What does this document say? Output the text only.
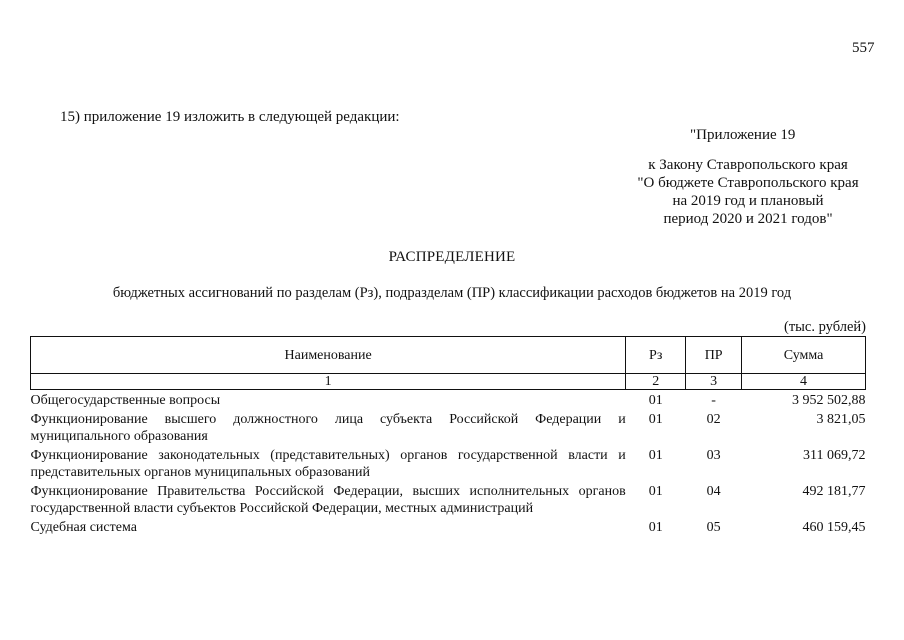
557
15) приложение 19 изложить в следующей редакции:
"Приложение 19
к Закону Ставропольского края
"О бюджете Ставропольского края
на 2019 год и плановый
период 2020 и 2021 годов"
РАСПРЕДЕЛЕНИЕ
бюджетных ассигнований по разделам (Рз), подразделам (ПР) классификации расходов бюджетов на 2019 год
(тыс. рублей)
Наименование	Рз	ПР	Сумма
1	2	3	4
Общегосударственные вопросы	01	-	3 952 502,88
Функционирование высшего должностного лица субъекта Российской Федерации и муниципального образования	01	02	3 821,05
Функционирование законодательных (представительных) органов государственной власти и представительных органов муниципальных образований	01	03	311 069,72
Функционирование Правительства Российской Федерации, высших исполнительных органов государственной власти субъектов Российской Федерации, местных администраций	01	04	492 181,77
Судебная система	01	05	460 159,45
